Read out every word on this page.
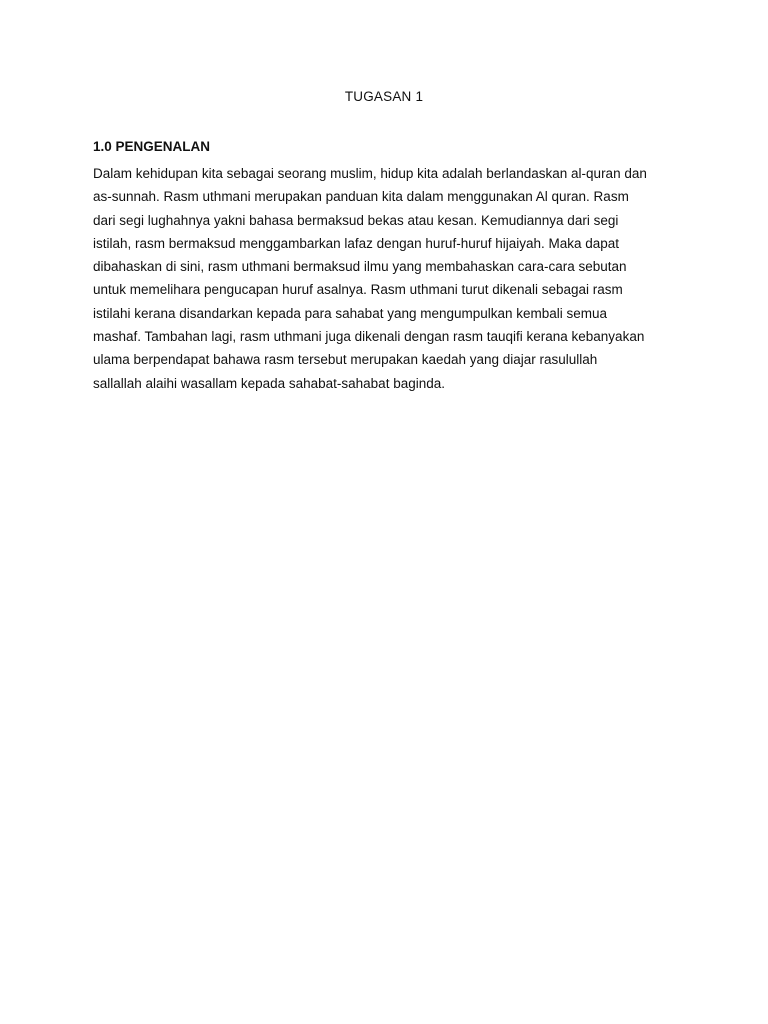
TUGASAN 1
1.0 PENGENALAN
Dalam kehidupan kita sebagai seorang muslim, hidup kita adalah berlandaskan al-quran dan
as-sunnah. Rasm uthmani merupakan panduan kita dalam menggunakan Al quran. Rasm
dari segi lughahnya yakni bahasa bermaksud bekas atau kesan. Kemudiannya dari segi
istilah, rasm bermaksud menggambarkan lafaz dengan huruf-huruf hijaiyah. Maka dapat
dibahaskan di sini, rasm uthmani bermaksud ilmu yang membahaskan cara-cara sebutan
untuk memelihara pengucapan huruf asalnya. Rasm uthmani turut dikenali sebagai rasm
istilahi kerana disandarkan kepada para sahabat yang mengumpulkan kembali semua
mashaf. Tambahan lagi, rasm uthmani juga dikenali dengan rasm tauqifi kerana kebanyakan
ulama berpendapat bahawa rasm tersebut merupakan kaedah yang diajar rasulullah
sallallah alaihi wasallam kepada sahabat-sahabat baginda.
